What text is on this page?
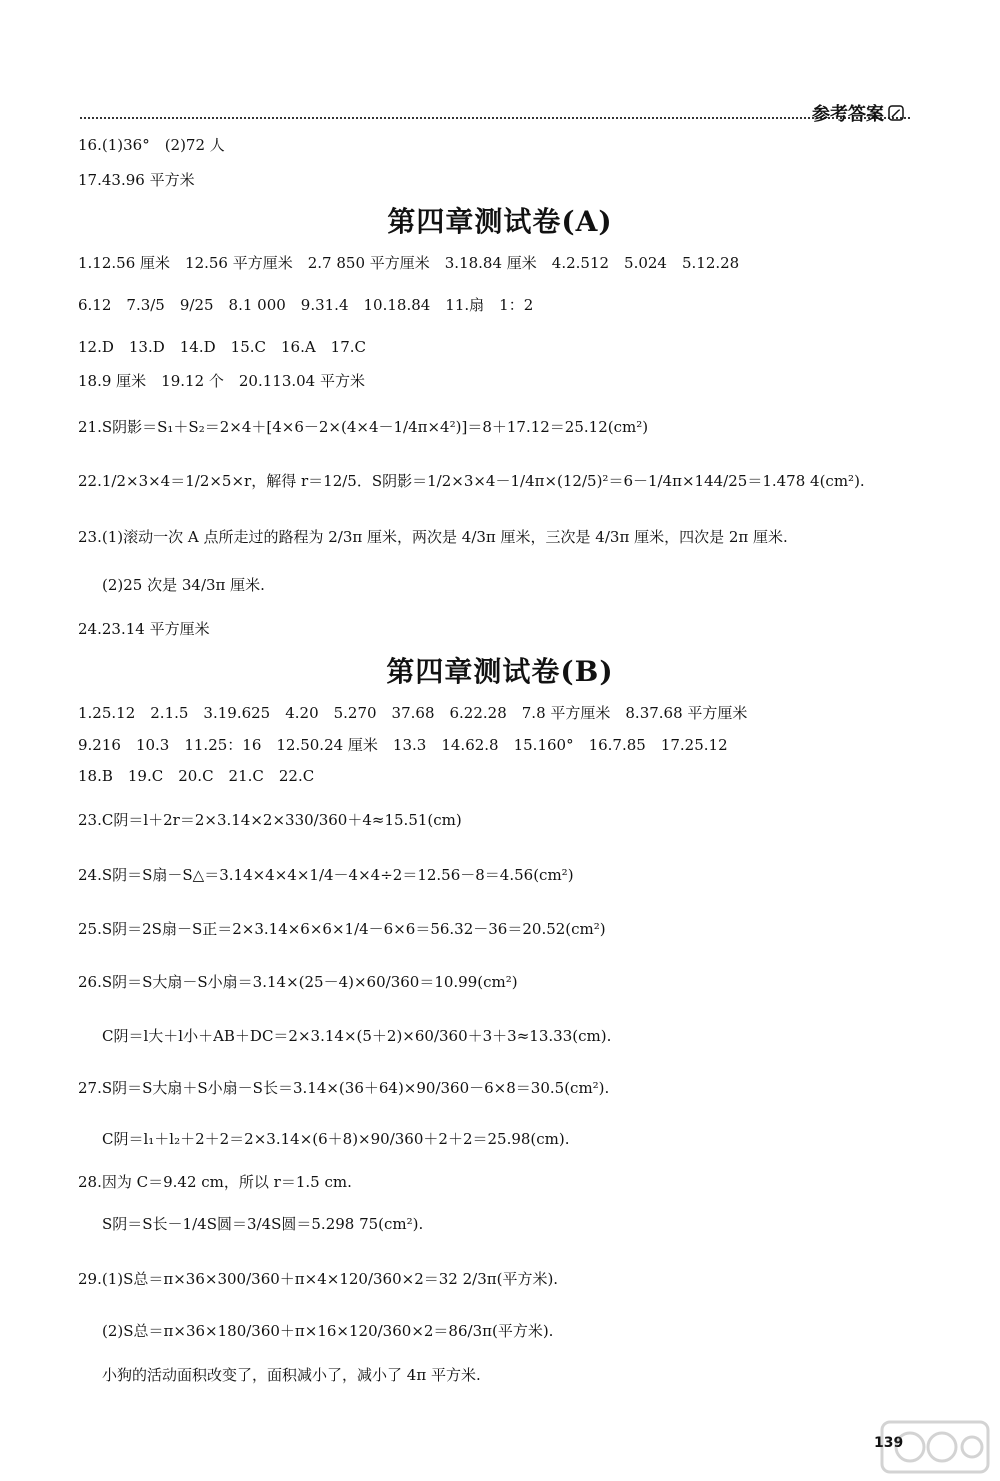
参考答案
16.(1)36°　(2)72 人
17.43.96 平方米
第四章测试卷(A)
1.12.56 厘米　12.56 平方厘米　2.7 850 平方厘米　3.18.84 厘米　4.2.512　5.024　5.12.28
6.12　7.3/5　9/25　8.1 000　9.31.4　10.18.84　11.扇　1：2
12.D　13.D　14.D　15.C　16.A　17.C
18.9 厘米　19.12 个　20.113.04 平方米
21.S阴影＝S₁＋S₂＝2×4＋[4×6－2×(4×4－1/4π×4²)]＝8＋17.12＝25.12(cm²)
22.1/2×3×4＝1/2×5×r，解得 r＝12/5．S阴影＝1/2×3×4－1/4π×(12/5)²＝6－1/4π×144/25＝1.478 4(cm²).
23.(1)滚动一次 A 点所走过的路程为 2/3π 厘米，两次是 4/3π 厘米，三次是 4/3π 厘米，四次是 2π 厘米.
(2)25 次是 34/3π 厘米.
24.23.14 平方厘米
第四章测试卷(B)
1.25.12　2.1.5　3.19.625　4.20　5.270　37.68　6.22.28　7.8 平方厘米　8.37.68 平方厘米
9.216　10.3　11.25：16　12.50.24 厘米　13.3　14.62.8　15.160°　16.7.85　17.25.12
18.B　19.C　20.C　21.C　22.C
23.C阴＝l＋2r＝2×3.14×2×330/360＋4≈15.51(cm)
24.S阴＝S扇－S△＝3.14×4×4×1/4－4×4÷2＝12.56－8＝4.56(cm²)
25.S阴＝2S扇－S正＝2×3.14×6×6×1/4－6×6＝56.32－36＝20.52(cm²)
26.S阴＝S大扇－S小扇＝3.14×(25－4)×60/360＝10.99(cm²)
C阴＝l大＋l小＋AB＋DC＝2×3.14×(5＋2)×60/360＋3＋3≈13.33(cm).
27.S阴＝S大扇＋S小扇－S长＝3.14×(36＋64)×90/360－6×8＝30.5(cm²).
C阴＝l₁＋l₂＋2＋2＝2×3.14×(6＋8)×90/360＋2＋2＝25.98(cm).
28.因为 C＝9.42 cm，所以 r＝1.5 cm.
S阴＝S长－1/4S圆＝3/4S圆＝5.298 75(cm²).
29.(1)S总＝π×36×300/360＋π×4×120/360×2＝32 2/3π(平方米).
(2)S总＝π×36×180/360＋π×16×120/360×2＝86/3π(平方米).
小狗的活动面积改变了，面积减小了，减小了 4π 平方米.
139
